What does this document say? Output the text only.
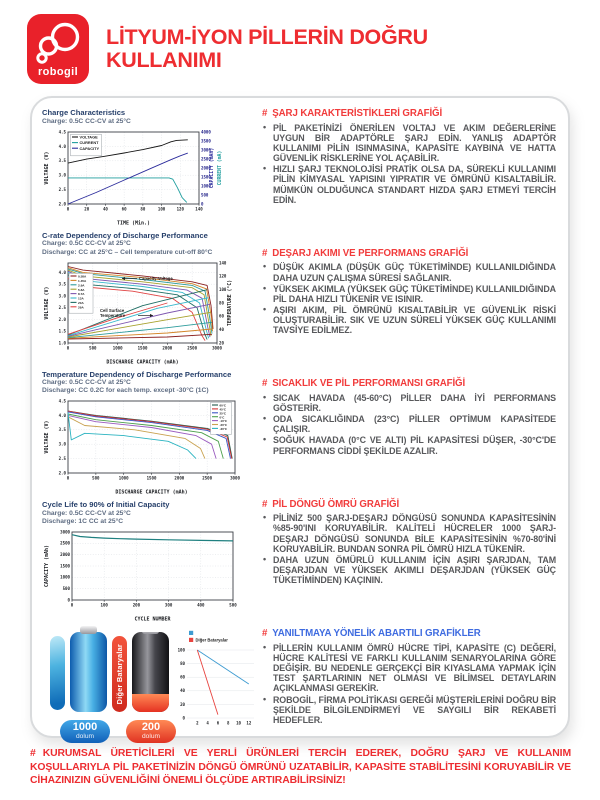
robogil
LİTYUM-İYON PİLLERİN DOĞRU KULLANIMI
Charge Characteristics
Charge: 0.5C CC-CV at 25°C
0	20	40	60	80	100	120	140
2.0
2.5
3.0
3.5
4.0
4.5
0
500
1000
1500
2000
2500
3000
3500
4000
TIME (Min.)
VOLTAGE (V)	CAPACITY (mAh) CURRENT (mA)
VOLTAGE
CURRENT
CAPACITY
C-rate Dependency of Discharge Performance
Charge: 0.5C CC-CV at 25°C
Discharge: CC at 25°C – Cell temperature cut-off 80°C
0	500	1000	1500	2000	2500	3000
1.0
1.5
2.0
2.5
3.0
3.5
4.0
20
40
60
80
100
120
140
DISCHARGE CAPACITY (mAh)
VOLTAGE (V)	TEMPERATURE (°C)
0.58A
1.45A
2.9A
5.8A
8.7A
13A
20A
29A
Capacity-Voltage
Cell Surface
Temperature
Temperature Dependency of Discharge Performance
Charge: 0.5C CC-CV at 25°C
Discharge: CC 0.2C for each temp. except -30°C (1C)
0	500	1000	1500	2000	2500	3000
2.0
2.5
3.0
3.5
4.0
4.5
DISCHARGE CAPACITY (mAh)
VOLTAGE (V)
60°C
45°C
25°C
0°C
-10°C
-20°C
-30°C
Cycle Life to 90% of Initial Capacity
Charge: 0.5C CC-CV at 25°C
Discharge: 1C CC at 25°C
0	100	200	300	400	500
0
500
1000
1500
2000
2500
3000
CYCLE NUMBER
CAPACITY (mAh)
Diğer Bataryalar
1000
dolum
200
dolum
2 4 6 8 10 12
0
20
40
60
80
100
Diğer Bataryalar
# ŞARJ KARAKTERİSTİKLERİ GRAFİĞİ
• PİL PAKETİNİZİ ÖNERİLEN VOLTAJ VE AKIM DEĞERLERİNE UYGUN BİR ADAPTÖRLE ŞARJ EDİN. YANLIŞ ADAPTÖR KULLANIMI PİLİN ISINMASINA, KAPASİTE KAYBINA VE HATTA GÜVENLİK RİSKLERİNE YOL AÇABİLİR.
• HIZLI ŞARJ TEKNOLOJİSİ PRATİK OLSA DA, SÜREKLİ KULLANIMI PİLİN KİMYASAL YAPISINI YIPRATIR VE ÖMRÜNÜ KISALTABİLİR. MÜMKÜN OLDUĞUNCA STANDART HIZDA ŞARJ ETMEYİ TERCİH EDİN.
# DEŞARJ AKIMI VE PERFORMANS GRAFİĞİ
• DÜŞÜK AKIMLA (DÜŞÜK GÜÇ TÜKETİMİNDE) KULLANILDIĞINDA DAHA UZUN ÇALIŞMA SÜRESİ SAĞLANIR.
• YÜKSEK AKIMLA (YÜKSEK GÜÇ TÜKETİMİNDE) KULLANILDIĞINDA PİL DAHA HIZLI TÜKENİR VE ISINIR.
• AŞIRI AKIM, PİL ÖMRÜNÜ KISALTABİLİR VE GÜVENLİK RİSKİ OLUŞTURABİLİR. SIK VE UZUN SÜRELİ YÜKSEK GÜÇ KULLANIMI TAVSİYE EDİLMEZ.
# SICAKLIK VE PİL PERFORMANSI GRAFİĞİ
• SICAK HAVADA (45-60°C) PİLLER DAHA İYİ PERFORMANS GÖSTERİR.
• ODA SICAKLIĞINDA (23°C) PİLLER OPTİMUM KAPASİTEDE ÇALIŞIR.
• SOĞUK HAVADA (0°C VE ALTI) PİL KAPASİTESİ DÜŞER, -30°C'DE PERFORMANS CİDDİ ŞEKİLDE AZALIR.
# PİL DÖNGÜ ÖMRÜ GRAFİĞİ
• PİLİNİZ 500 ŞARJ-DEŞARJ DÖNGÜSÜ SONUNDA KAPASİTESİNİN %85-90'INI KORUYABİLİR. KALİTELİ HÜCRELER 1000 ŞARJ-DEŞARJ DÖNGÜSÜ SONUNDA BİLE KAPASİTESİNİN %70-80'İNİ KORUYABİLİR. BUNDAN SONRA PİL ÖMRÜ HIZLA TÜKENİR.
• DAHA UZUN ÖMÜRLÜ KULLANIM İÇİN AŞIRI ŞARJDAN, TAM DEŞARJDAN VE YÜKSEK AKIMLI DEŞARJDAN (YÜKSEK GÜÇ TÜKETİMİNDEN) KAÇININ.
# YANILTMAYA YÖNELİK ABARTILI GRAFİKLER
• PİLLERİN KULLANIM ÖMRÜ HÜCRE TİPİ, KAPASİTE (C) DEĞERİ, HÜCRE KALİTESİ VE FARKLI KULLANIM SENARYOLARINA GÖRE DEĞİŞİR. BU NEDENLE GERÇEKÇİ BİR KIYASLAMA YAPMAK İÇİN TEST ŞARTLARININ NET OLMASI VE BİLİMSEL DETAYLARIN AÇIKLANMASI GEREKİR.
• ROBOGİL, FİRMA POLİTİKASI GEREĞİ MÜŞTERİLERİNİ DOĞRU BİR ŞEKİLDE BİLGİLENDİRMEYİ VE SAYGILI BİR REKABETİ HEDEFLER.
# KURUMSAL ÜRETİCİLERİ VE YERLİ ÜRÜNLERİ TERCİH EDEREK, DOĞRU ŞARJ VE KULLANIM KOŞULLARIYLA PİL PAKETİNİZİN DÖNGÜ ÖMRÜNÜ UZATABİLİR, KAPASİTE STABİLİTESİNİ KORUYABİLİR VE CİHAZINIZIN GÜVENLİĞİNİ ÖNEMLİ ÖLÇÜDE ARTIRABİLİRSİNİZ!
